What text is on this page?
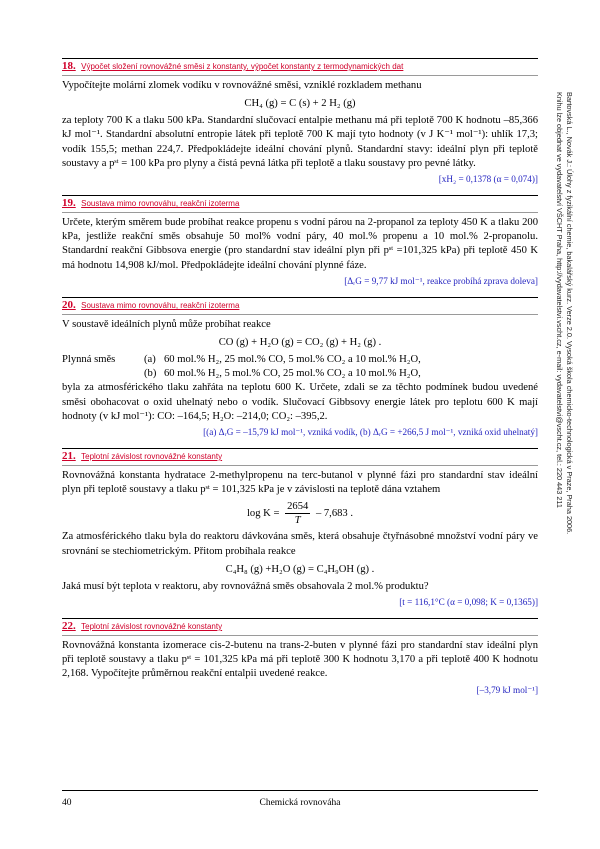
18. Výpočet složení rovnovážné směsi z konstanty, výpočet konstanty z termodynamických dat

Vypočítejte molární zlomek vodíku v rovnovážné směsi, vzniklé rozkladem methanu

CH₄ (g) = C (s) + 2 H₂ (g)

za teploty 700 K a tlaku 500 kPa. Standardní slučovací entalpie methanu má při teplotě 700 K hodnotu –85,366 kJ mol⁻¹. Standardní absolutní entropie látek při teplotě 700 K mají tyto hodnoty (v J K⁻¹ mol⁻¹): uhlík 17,3; vodík 155,5; methan 224,7. Předpokládejte ideální chování plynů. Standardní stavy: ideální plyn při teplotě soustavy a pˢᵗ = 100 kPa pro plyny a čistá pevná látka při teplotě a tlaku soustavy pro pevné látky.

[xH₂ = 0,1378 (α = 0,074)]
19. Soustava mimo rovnováhu, reakční izoterma

Určete, kterým směrem bude probíhat reakce propenu s vodní párou na 2-propanol za teploty 450 K a tlaku 200 kPa, jestliže reakční směs obsahuje 50 mol% vodní páry, 40 mol.% propenu a 10 mol.% 2-propanolu. Standardní reakční Gibbsova energie (pro standardní stav ideální plyn při pˢᵗ =101,325 kPa) při teplotě 450 K má hodnotu 14,908 kJ/mol. Předpokládejte ideální chování plynné fáze.

[ΔᵣG = 9,77 kJ mol⁻¹, reakce probíhá zprava doleva]
20. Soustava mimo rovnováhu, reakční izoterma

V soustavě ideálních plynů může probíhat reakce

CO (g) + H₂O (g) = CO₂ (g) + H₂ (g) .
Plynná směs	(a) 60 mol.% H₂, 25 mol.% CO, 5 mol.% CO₂ a 10 mol.% H₂O,
(b) 60 mol.% H₂, 5 mol.% CO, 25 mol.% CO₂ a 10 mol.% H₂O,

byla za atmosférického tlaku zahřáta na teplotu 600 K. Určete, zdali se za těchto podmínek budou uvedené směsi obohacovat o oxid uhelnatý nebo o vodík. Slučovací Gibbsovy energie látek pro teplotu 600 K mají hodnoty (v kJ mol⁻¹): CO: –164,5; H₂O: –214,0; CO₂: –395,2.

[(a) ΔᵣG = –15,79 kJ mol⁻¹, vzniká vodík, (b) ΔᵣG = +266,5 J mol⁻¹, vzniká oxid uhelnatý]
21. Teplotní závislost rovnovážné konstanty

Rovnovážná konstanta hydratace 2-methylpropenu na terc-butanol v plynné fázi pro standardní stav ideální plyn při teplotě soustavy a tlaku pˢᵗ = 101,325 kPa je v závislosti na teplotě dána vztahem

$\log K = \frac{2654}{T} - 7,683$ .

Za atmosférického tlaku byla do reaktoru dávkována směs, která obsahuje čtyřnásobné množství vodní páry ve srovnání se stechiometrickým. Přitom probíhala reakce

C₄H₈ (g) +H₂O (g) = C₄H₉OH (g) .

Jaká musí být teplota v reaktoru, aby rovnovážná směs obsahovala 2 mol.% produktu?

[t = 116,1°C (α = 0,098; K = 0,1365)]
22. Teplotní závislost rovnovážné konstanty

Rovnovážná konstanta izomerace cis-2-butenu na trans-2-buten v plynné fázi pro standardní stav ideální plyn při teplotě soustavy a tlaku pˢᵗ = 101,325 kPa má při teplotě 300 K hodnotu 3,170 a při teplotě 400 K hodnotu 2,168. Vypočítejte průměrnou reakční entalpii uvedené reakce.

[–3,79 kJ mol⁻¹]
Bartovská L., Novák J.: Úlohy z fyzikální chemie, bakalářský kurz. Verze 2.0. Vysoká škola chemicko-technologická v Praze, Praha 2006.
Knihu lze objednat ve vydavatelství VŠCHT Praha, http://vydavatelstvi.vscht.cz, e-mail: vydavatelstvi@vscht.cz, tel.: 220 443 211
40	Chemická rovnováha
